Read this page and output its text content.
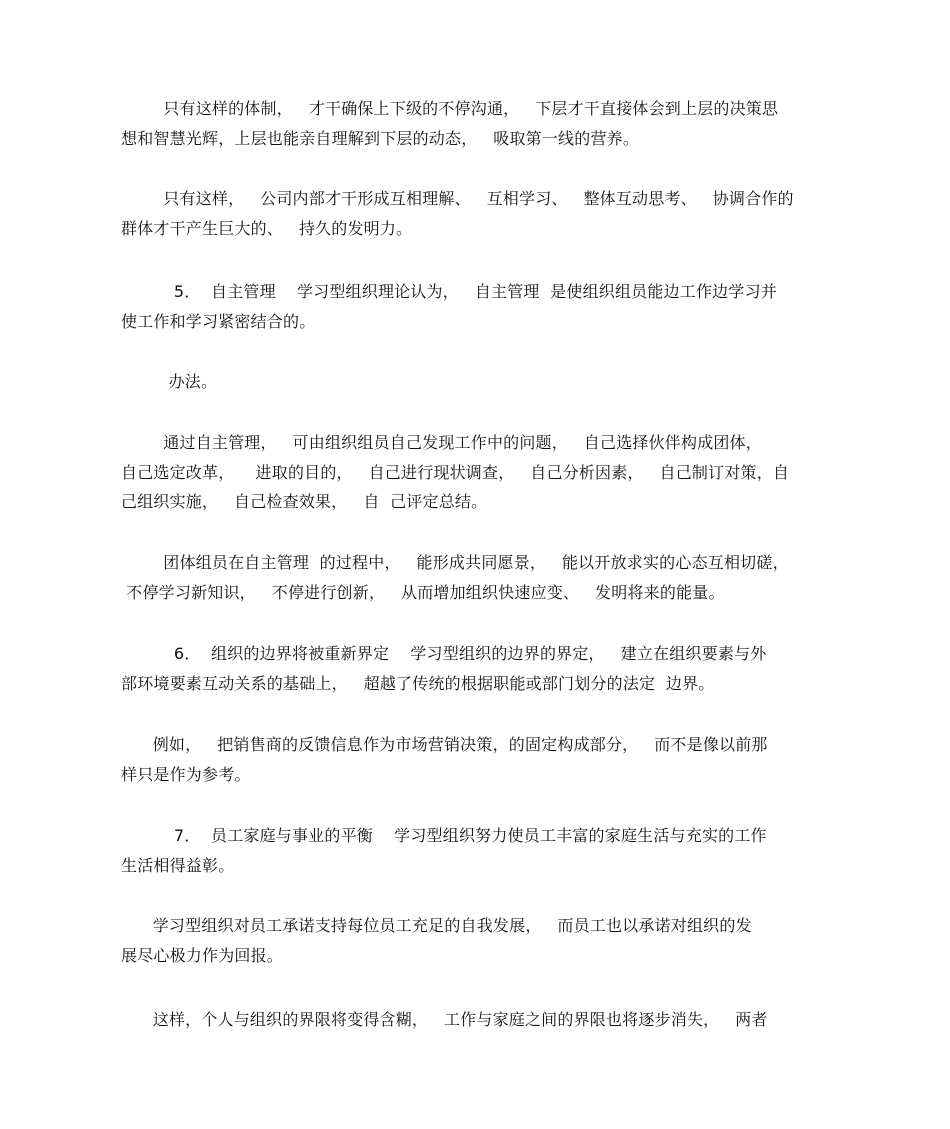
只有这样的体制，   才干确保上下级的不停沟通，   下层才干直接体会到上层的决策思
想和智慧光辉，上层也能亲自理解到下层的动态，   吸取第一线的营养。
只有这样，   公司内部才干形成互相理解、   互相学习、   整体互动思考、   协调合作的
群体才干产生巨大的、   持久的发明力。
5．  自主管理    学习型组织理论认为，   自主管理  是使组织组员能边工作边学习并
使工作和学习紧密结合的。
办法。
通过自主管理，   可由组织组员自己发现工作中的问题，   自己选择伙伴构成团体，
自己选定改革，    进取的目的，   自己进行现状调查，   自己分析因素，   自己制订对策，自
己组织实施，   自己检查效果，   自  己评定总结。
团体组员在自主管理  的过程中，   能形成共同愿景，   能以开放求实的心态互相切磋，
不停学习新知识，   不停进行创新，   从而增加组织快速应变、   发明将来的能量。
6．  组织的边界将被重新界定    学习型组织的边界的界定，   建立在组织要素与外
部环境要素互动关系的基础上，   超越了传统的根据职能或部门划分的法定  边界。
例如，   把销售商的反馈信息作为市场营销决策，的固定构成部分，   而不是像以前那
样只是作为参考。
7．  员工家庭与事业的平衡    学习型组织努力使员工丰富的家庭生活与充实的工作
生活相得益彰。
学习型组织对员工承诺支持每位员工充足的自我发展，   而员工也以承诺对组织的发
展尽心极力作为回报。
这样，个人与组织的界限将变得含糊，   工作与家庭之间的界限也将逐步消失，   两者
